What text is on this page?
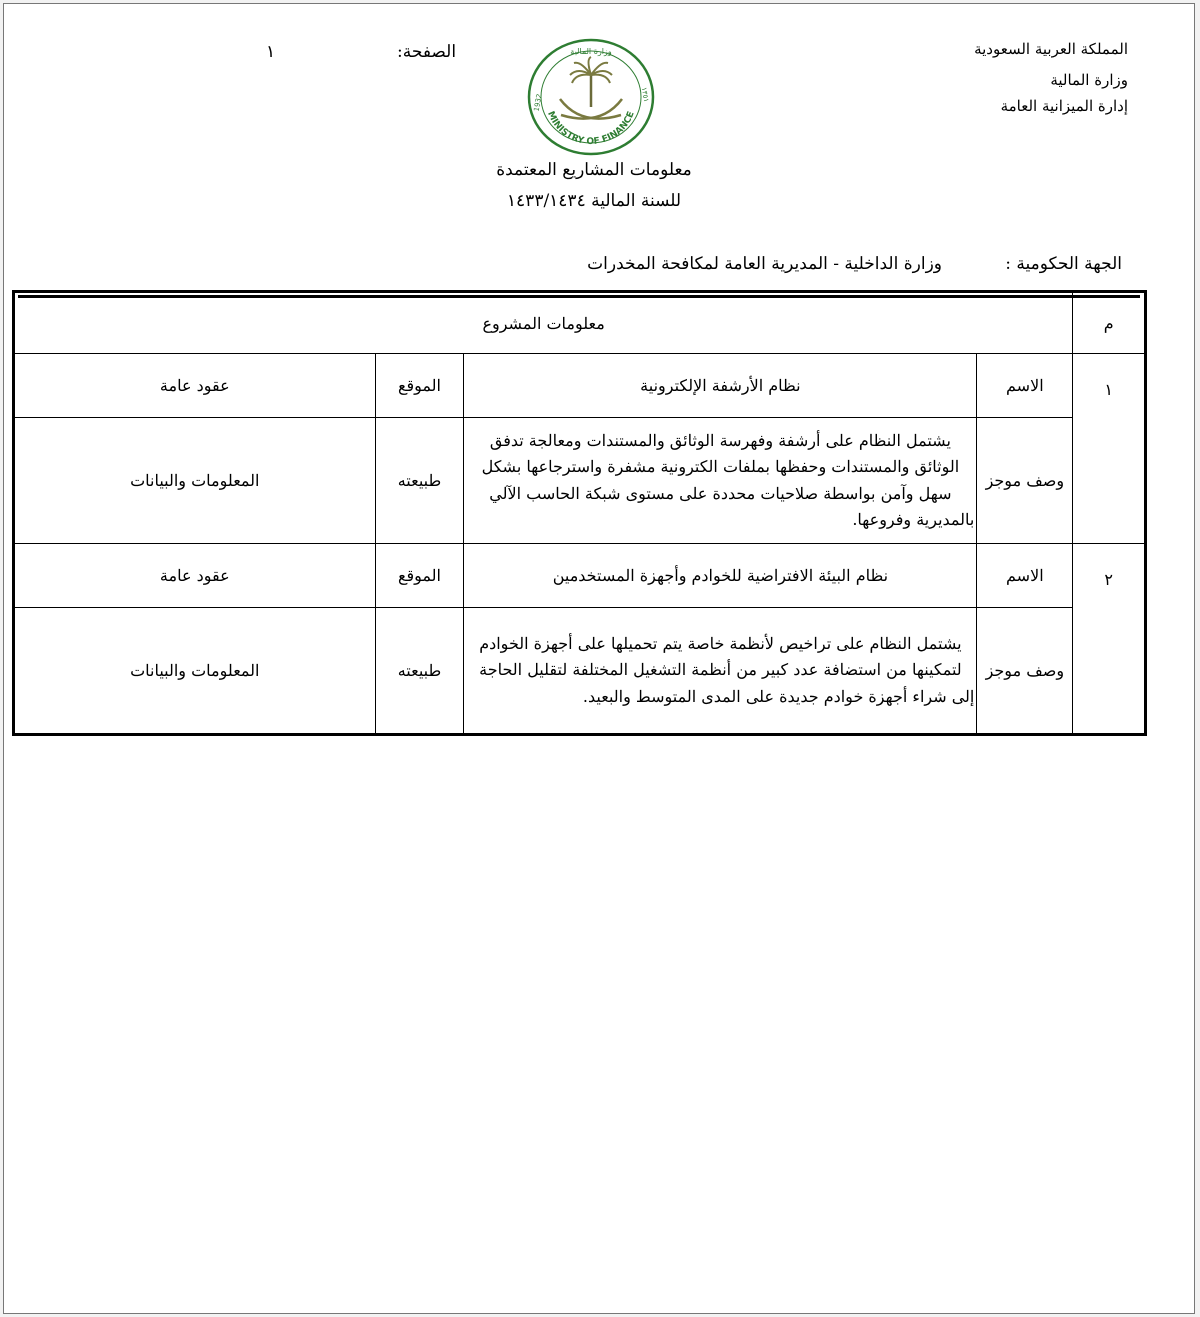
المملكة العربية السعودية
وزارة المالية
إدارة الميزانية العامة
الصفحة:
١
MINISTRY OF FINANCE
1932	١٣٥١
وزارة المالية
معلومات المشاريع المعتمدة
للسنة المالية ١٤٣٣/١٤٣٤
الجهة الحكومية :
وزارة الداخلية - المديرية العامة لمكافحة المخدرات
م	معلومات المشروع			
١	الاسم	نظام الأرشفة الإلكترونية	الموقع	عقود عامة
	وصف موجز	يشتمل النظام على أرشفة وفهرسة الوثائق والمستندات ومعالجة تدفق الوثائق والمستندات وحفظها بملفات الكترونية مشفرة واسترجاعها بشكل سهل وآمن بواسطة صلاحيات محددة على مستوى شبكة الحاسب الآلي بالمديرية وفروعها.	طبيعته	المعلومات والبيانات
٢	الاسم	نظام البيئة الافتراضية للخوادم وأجهزة المستخدمين	الموقع	عقود عامة
	وصف موجز	يشتمل النظام على تراخيص لأنظمة خاصة يتم تحميلها على أجهزة الخوادم لتمكينها من استضافة عدد كبير من أنظمة التشغيل المختلفة لتقليل الحاجة إلى شراء أجهزة خوادم جديدة على المدى المتوسط والبعيد.	طبيعته	المعلومات والبيانات
